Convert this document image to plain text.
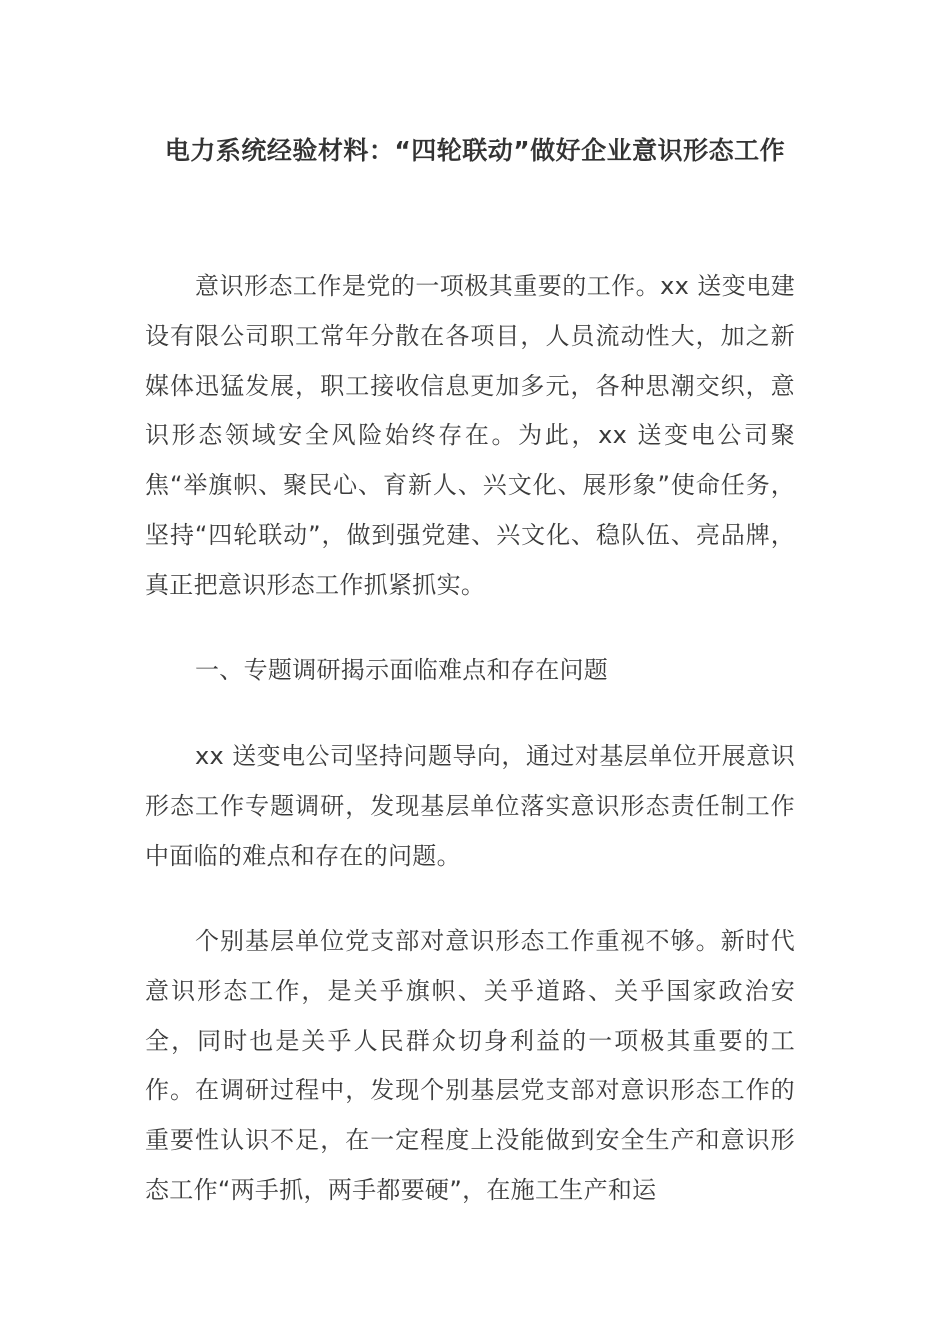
电力系统经验材料：“四轮联动”做好企业意识形态工作

意识形态工作是党的一项极其重要的工作。xx 送变电建设有限公司职工常年分散在各项目，人员流动性大，加之新媒体迅猛发展，职工接收信息更加多元，各种思潮交织，意识形态领域安全风险始终存在。为此，xx 送变电公司聚焦“举旗帜、聚民心、育新人、兴文化、展形象”使命任务，坚持“四轮联动”，做到强党建、兴文化、稳队伍、亮品牌，真正把意识形态工作抓紧抓实。

一、专题调研揭示面临难点和存在问题

xx 送变电公司坚持问题导向，通过对基层单位开展意识形态工作专题调研，发现基层单位落实意识形态责任制工作中面临的难点和存在的问题。

个别基层单位党支部对意识形态工作重视不够。新时代意识形态工作，是关乎旗帜、关乎道路、关乎国家政治安全，同时也是关乎人民群众切身利益的一项极其重要的工作。在调研过程中，发现个别基层党支部对意识形态工作的重要性认识不足，在一定程度上没能做到安全生产和意识形态工作“两手抓，两手都要硬”，在施工生产和运
